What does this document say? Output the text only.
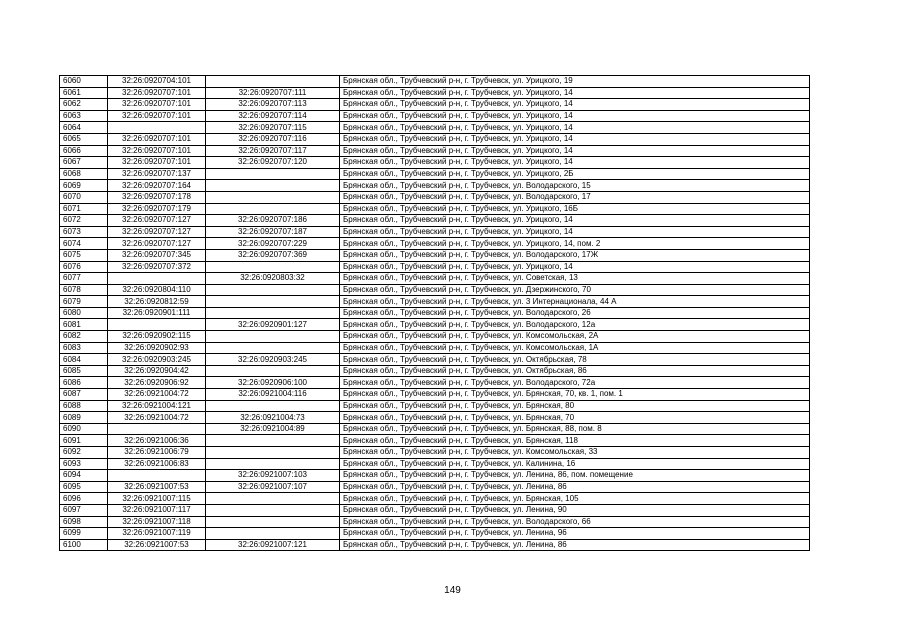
6060	32:26:0920704:101		Брянская обл., Трубчевский р-н, г. Трубчевск, ул. Урицкого, 19
6061	32:26:0920707:101	32:26:0920707:111	Брянская обл., Трубчевский р-н, г. Трубчевск, ул. Урицкого, 14
6062	32:26:0920707:101	32:26:0920707:113	Брянская обл., Трубчевский р-н, г. Трубчевск, ул. Урицкого, 14
6063	32:26:0920707:101	32:26:0920707:114	Брянская обл., Трубчевский р-н, г. Трубчевск, ул. Урицкого, 14
6064		32:26:0920707:115	Брянская обл., Трубчевский р-н, г. Трубчевск, ул. Урицкого, 14
6065	32:26:0920707:101	32:26:0920707:116	Брянская обл., Трубчевский р-н, г. Трубчевск, ул. Урицкого, 14
6066	32:26:0920707:101	32:26:0920707:117	Брянская обл., Трубчевский р-н, г. Трубчевск, ул. Урицкого, 14
6067	32:26:0920707:101	32:26:0920707:120	Брянская обл., Трубчевский р-н, г. Трубчевск, ул. Урицкого, 14
6068	32:26:0920707:137		Брянская обл., Трубчевский р-н, г. Трубчевск, ул. Урицкого, 2Б
6069	32:26:0920707:164		Брянская обл., Трубчевский р-н, г. Трубчевск, ул. Володарского, 15
6070	32:26:0920707:178		Брянская обл., Трубчевский р-н, г. Трубчевск, ул. Володарского, 17
6071	32:26:0920707:179		Брянская обл., Трубчевский р-н, г. Трубчевск, ул. Урицкого, 16Б
6072	32:26:0920707:127	32:26:0920707:186	Брянская обл., Трубчевский р-н, г. Трубчевск, ул. Урицкого, 14
6073	32:26:0920707:127	32:26:0920707:187	Брянская обл., Трубчевский р-н, г. Трубчевск, ул. Урицкого, 14
6074	32:26:0920707:127	32:26:0920707:229	Брянская обл., Трубчевский р-н, г. Трубчевск, ул. Урицкого, 14, пом. 2
6075	32:26:0920707:345	32:26:0920707:369	Брянская обл., Трубчевский р-н, г. Трубчевск, ул. Володарского, 17Ж
6076	32:26:0920707:372		Брянская обл., Трубчевский р-н, г. Трубчевск, ул. Урицкого, 14
6077		32:26:0920803:32	Брянская обл., Трубчевский р-н, г. Трубчевск, ул. Советская, 13
6078	32:26:0920804:110		Брянская обл., Трубчевский р-н, г. Трубчевск, ул. Дзержинского, 70
6079	32:26:0920812:59		Брянская обл., Трубчевский р-н, г. Трубчевск, ул. 3 Интернационала, 44 А
6080	32:26:0920901:111		Брянская обл., Трубчевский р-н, г. Трубчевск, ул. Володарского, 26
6081		32:26:0920901:127	Брянская обл., Трубчевский р-н, г. Трубчевск, ул. Володарского, 12а
6082	32:26:0920902:115		Брянская обл., Трубчевский р-н, г. Трубчевск, ул. Комсомольская, 2А
6083	32:26:0920902:93		Брянская обл., Трубчевский р-н, г. Трубчевск, ул. Комсомольская, 1А
6084	32:26:0920903:245	32:26:0920903:245	Брянская обл., Трубчевский р-н, г. Трубчевск, ул. Октябрьская, 78
6085	32:26:0920904:42		Брянская обл., Трубчевский р-н, г. Трубчевск, ул. Октябрьская, 86
6086	32:26:0920906:92	32:26:0920906:100	Брянская обл., Трубчевский р-н, г. Трубчевск, ул. Володарского, 72а
6087	32:26:0921004:72	32:26:0921004:116	Брянская обл., Трубчевский р-н, г. Трубчевск, ул. Брянская, 70, кв. 1, пом. 1
6088	32:26:0921004:121		Брянская обл., Трубчевский р-н, г. Трубчевск, ул. Брянская, 80
6089	32:26:0921004:72	32:26:0921004:73	Брянская обл., Трубчевский р-н, г. Трубчевск, ул. Брянская, 70
6090		32:26:0921004:89	Брянская обл., Трубчевский р-н, г. Трубчевск, ул. Брянская, 88, пом. 8
6091	32:26:0921006:36		Брянская обл., Трубчевский р-н, г. Трубчевск, ул. Брянская, 118
6092	32:26:0921006:79		Брянская обл., Трубчевский р-н, г. Трубчевск, ул. Комсомольская, 33
6093	32:26:0921006:83		Брянская обл., Трубчевский р-н, г. Трубчевск, ул. Калинина, 16
6094		32:26:0921007:103	Брянская обл., Трубчевский р-н, г. Трубчевск, ул. Ленина, 86, пом. помещение
6095	32:26:0921007:53	32:26:0921007:107	Брянская обл., Трубчевский р-н, г. Трубчевск, ул. Ленина, 86
6096	32:26:0921007:115		Брянская обл., Трубчевский р-н, г. Трубчевск, ул. Брянская, 105
6097	32:26:0921007:117		Брянская обл., Трубчевский р-н, г. Трубчевск, ул. Ленина, 90
6098	32:26:0921007:118		Брянская обл., Трубчевский р-н, г. Трубчевск, ул. Володарского, 66
6099	32:26:0921007:119		Брянская обл., Трубчевский р-н, г. Трубчевск, ул. Ленина, 96
6100	32:26:0921007:53	32:26:0921007:121	Брянская обл., Трубчевский р-н, г. Трубчевск, ул. Ленина, 86
149
